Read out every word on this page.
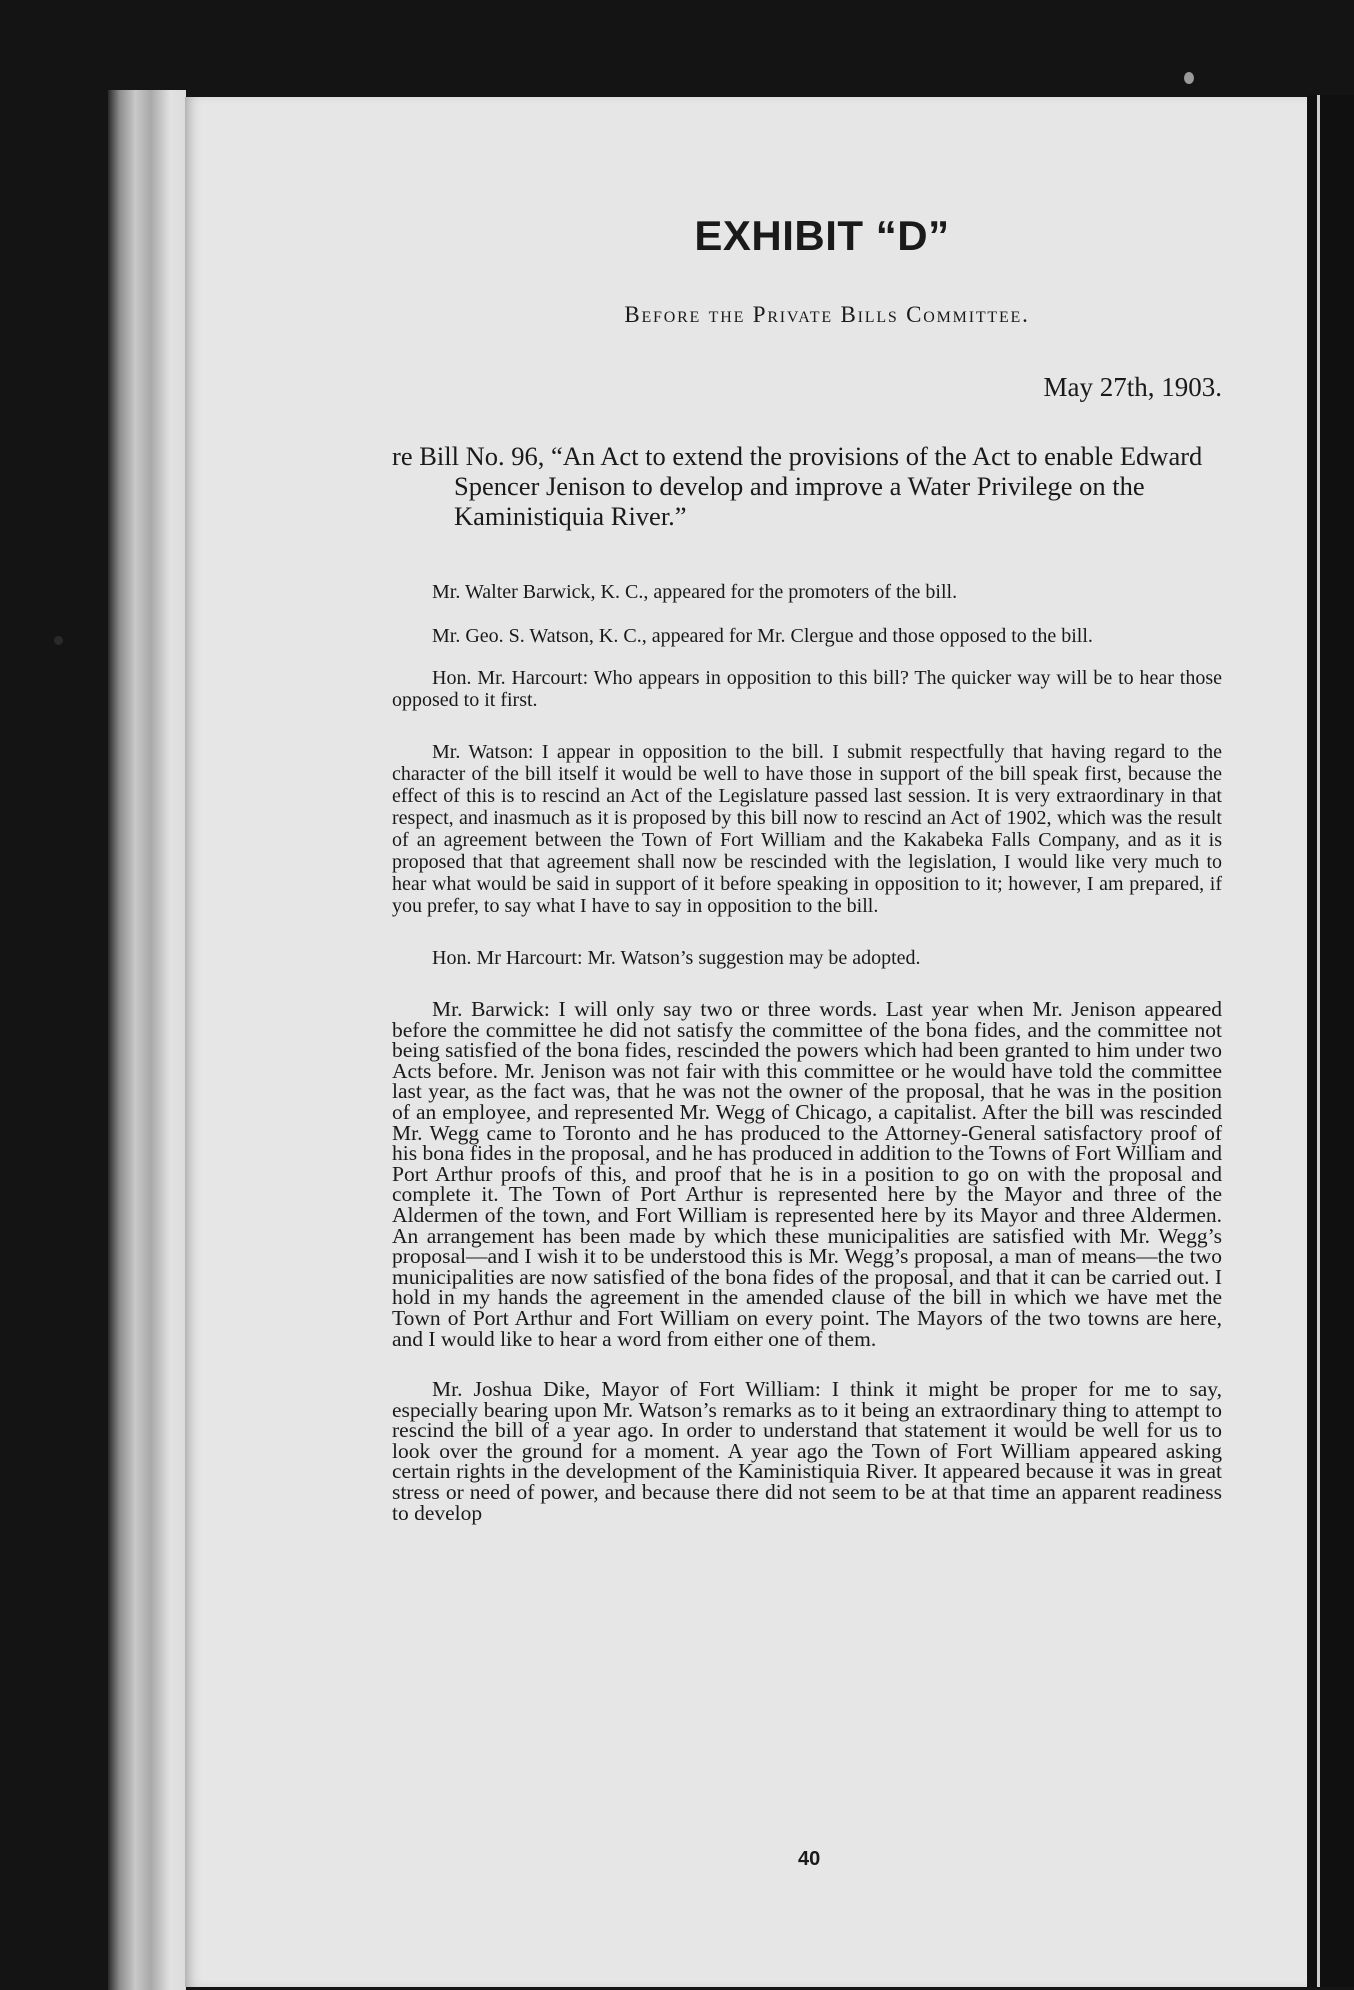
EXHIBIT “D”

Before the Private Bills Committee.

May 27th, 1903.

re Bill No. 96, “An Act to extend the provisions of the Act to enable Edward Spencer Jenison to develop and improve a Water Privilege on the Kaministiquia River.”

Mr. Walter Barwick, K. C., appeared for the promoters of the bill.

Mr. Geo. S. Watson, K. C., appeared for Mr. Clergue and those opposed to the bill.

Hon. Mr. Harcourt: Who appears in opposition to this bill? The quicker way will be to hear those opposed to it first.

Mr. Watson: I appear in opposition to the bill. I submit respectfully that having regard to the character of the bill itself it would be well to have those in support of the bill speak first, because the effect of this is to rescind an Act of the Legislature passed last session. It is very extraordinary in that respect, and inasmuch as it is proposed by this bill now to rescind an Act of 1902, which was the result of an agreement between the Town of Fort William and the Kakabeka Falls Company, and as it is proposed that that agreement shall now be rescinded with the legislation, I would like very much to hear what would be said in support of it before speaking in opposition to it; however, I am prepared, if you prefer, to say what I have to say in opposition to the bill.

Hon. Mr Harcourt: Mr. Watson’s suggestion may be adopted.

Mr. Barwick: I will only say two or three words. Last year when Mr. Jenison appeared before the committee he did not satisfy the committee of the bona fides, and the committee not being satisfied of the bona fides, rescinded the powers which had been granted to him under two Acts before. Mr. Jenison was not fair with this committee or he would have told the committee last year, as the fact was, that he was not the owner of the proposal, that he was in the position of an employee, and represented Mr. Wegg of Chicago, a capitalist. After the bill was rescinded Mr. Wegg came to Toronto and he has produced to the Attorney-General satisfactory proof of his bona fides in the proposal, and he has produced in addition to the Towns of Fort William and Port Arthur proofs of this, and proof that he is in a position to go on with the proposal and complete it. The Town of Port Arthur is represented here by the Mayor and three of the Aldermen of the town, and Fort William is represented here by its Mayor and three Aldermen. An arrangement has been made by which these municipalities are satisfied with Mr. Wegg’s proposal—and I wish it to be understood this is Mr. Wegg’s proposal, a man of means—the two municipalities are now satisfied of the bona fides of the proposal, and that it can be carried out. I hold in my hands the agreement in the amended clause of the bill in which we have met the Town of Port Arthur and Fort William on every point. The Mayors of the two towns are here, and I would like to hear a word from either one of them.

Mr. Joshua Dike, Mayor of Fort William: I think it might be proper for me to say, especially bearing upon Mr. Watson’s remarks as to it being an extraordinary thing to attempt to rescind the bill of a year ago. In order to understand that statement it would be well for us to look over the ground for a moment. A year ago the Town of Fort William appeared asking certain rights in the development of the Kaministiquia River. It appeared because it was in great stress or need of power, and because there did not seem to be at that time an apparent readiness to develop

40
